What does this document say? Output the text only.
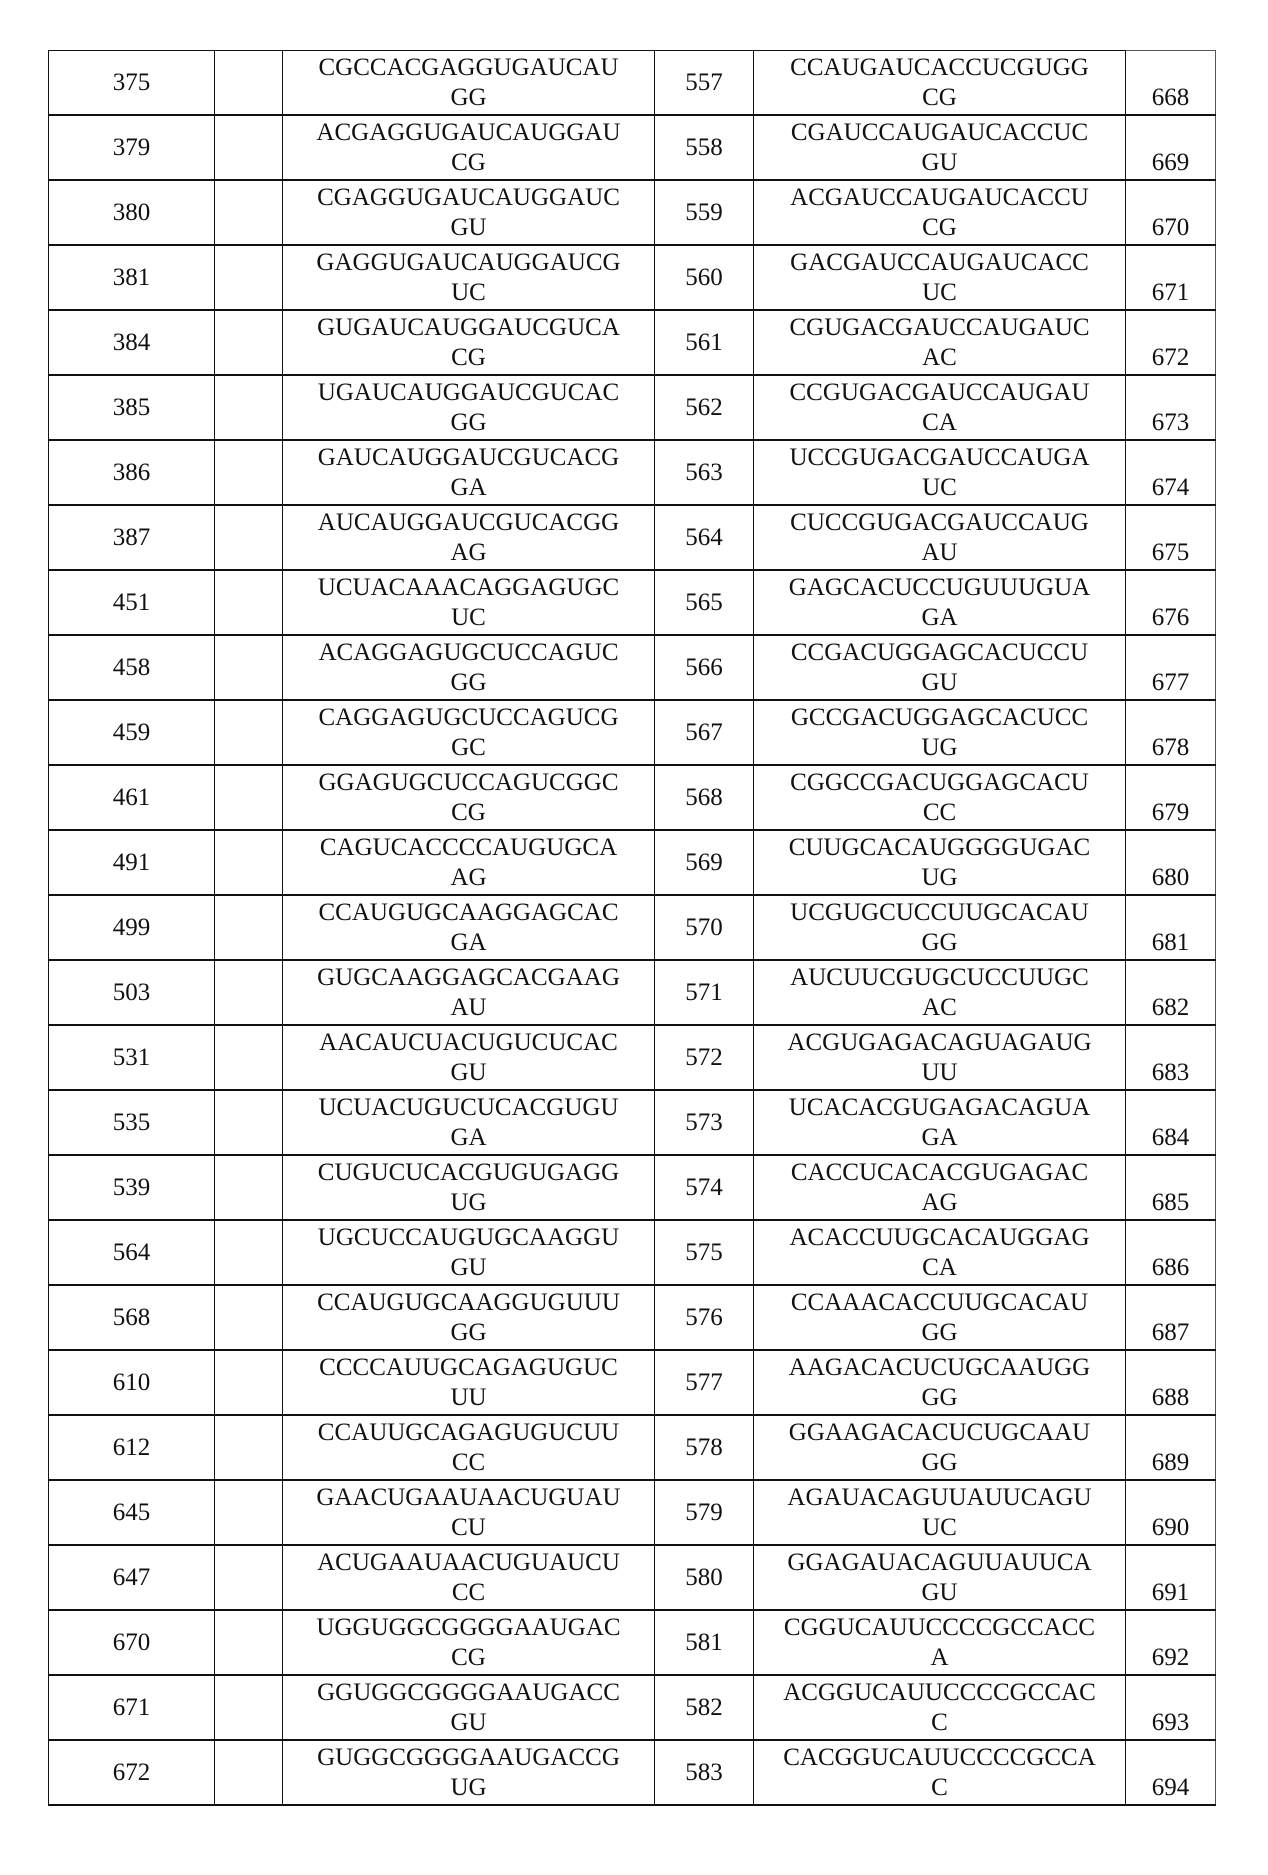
375		
CGCCACGAGGUGAUCAU
GG
	557	
CCAUGAUCACCUCGUGG
CG	668
379		
ACGAGGUGAUCAUGGAU
CG
	558	
CGAUCCAUGAUCACCUC
GU	669
380		
CGAGGUGAUCAUGGAUC
GU
	559	
ACGAUCCAUGAUCACCU
CG	670
381		
GAGGUGAUCAUGGAUCG
UC
	560	
GACGAUCCAUGAUCACC
UC	671
384		
GUGAUCAUGGAUCGUCA
CG
	561	
CGUGACGAUCCAUGAUC
AC	672
385		
UGAUCAUGGAUCGUCAC
GG
	562	
CCGUGACGAUCCAUGAU
CA	673
386		
GAUCAUGGAUCGUCACG
GA
	563	
UCCGUGACGAUCCAUGA
UC	674
387		
AUCAUGGAUCGUCACGG
AG
	564	
CUCCGUGACGAUCCAUG
AU	675
451		
UCUACAAACAGGAGUGC
UC
	565	
GAGCACUCCUGUUUGUA
GA	676
458		
ACAGGAGUGCUCCAGUC
GG
	566	
CCGACUGGAGCACUCCU
GU	677
459		
CAGGAGUGCUCCAGUCG
GC
	567	
GCCGACUGGAGCACUCC
UG	678
461		
GGAGUGCUCCAGUCGGC
CG
	568	
CGGCCGACUGGAGCACU
CC	679
491		
CAGUCACCCCAUGUGCA
AG
	569	
CUUGCACAUGGGGUGAC
UG	680
499		
CCAUGUGCAAGGAGCAC
GA
	570	
UCGUGCUCCUUGCACAU
GG	681
503		
GUGCAAGGAGCACGAAG
AU
	571	
AUCUUCGUGCUCCUUGC
AC	682
531		
AACAUCUACUGUCUCAC
GU
	572	
ACGUGAGACAGUAGAUG
UU	683
535		
UCUACUGUCUCACGUGU
GA
	573	
UCACACGUGAGACAGUA
GA	684
539		
CUGUCUCACGUGUGAGG
UG
	574	
CACCUCACACGUGAGAC
AG	685
564		
UGCUCCAUGUGCAAGGU
GU
	575	
ACACCUUGCACAUGGAG
CA	686
568		
CCAUGUGCAAGGUGUUU
GG
	576	
CCAAACACCUUGCACAU
GG	687
610		
CCCCAUUGCAGAGUGUC
UU
	577	
AAGACACUCUGCAAUGG
GG	688
612		
CCAUUGCAGAGUGUCUU
CC
	578	
GGAAGACACUCUGCAAU
GG	689
645		
GAACUGAAUAACUGUAU
CU
	579	
AGAUACAGUUAUUCAGU
UC	690
647		
ACUGAAUAACUGUAUCU
CC
	580	
GGAGAUACAGUUAUUCA
GU	691
670		
UGGUGGCGGGGAAUGAC
CG
	581	
CGGUCAUUCCCCGCCACC
A	692
671		
GGUGGCGGGGAAUGACC
GU
	582	
ACGGUCAUUCCCCGCCAC
C	693
672		
GUGGCGGGGAAUGACCG
UG
	583	
CACGGUCAUUCCCCGCCA
C	694
